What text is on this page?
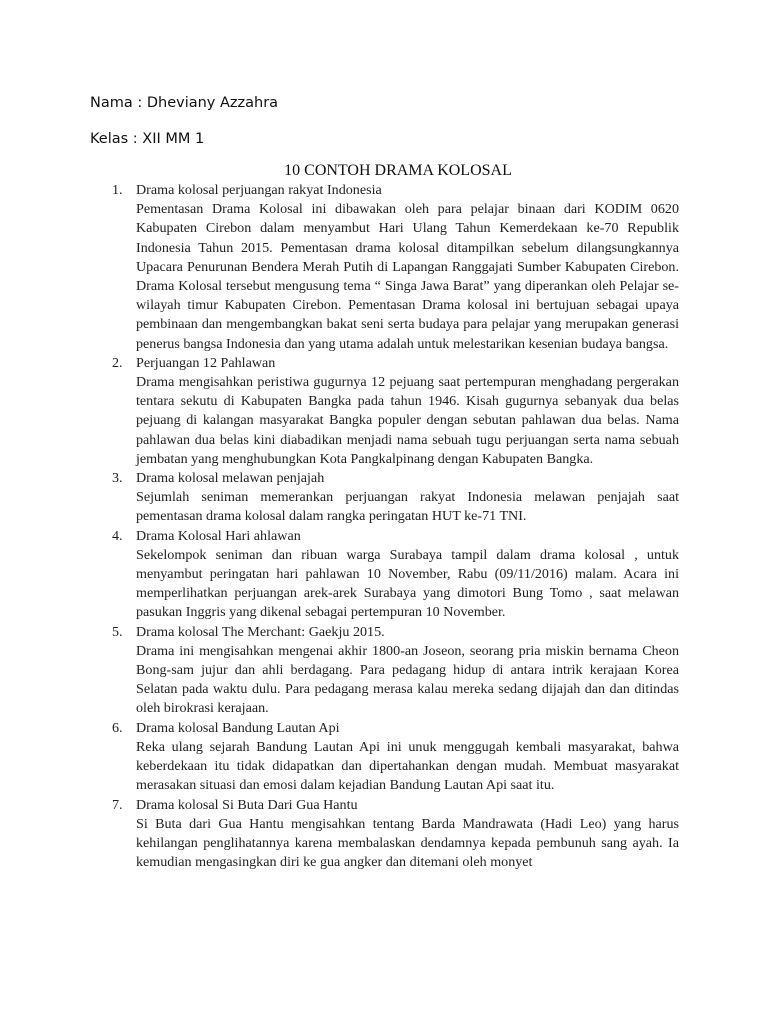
Nama : Dheviany Azzahra
Kelas : XII MM 1
10 CONTOH DRAMA KOLOSAL
1. Drama kolosal perjuangan rakyat Indonesia
Pementasan Drama Kolosal ini dibawakan oleh para pelajar binaan dari KODIM 0620 Kabupaten Cirebon dalam menyambut Hari Ulang Tahun Kemerdekaan ke-70 Republik Indonesia Tahun 2015. Pementasan drama kolosal ditampilkan sebelum dilangsungkannya Upacara Penurunan Bendera Merah Putih di Lapangan Ranggajati Sumber Kabupaten Cirebon. Drama Kolosal tersebut mengusung tema “ Singa Jawa Barat” yang diperankan oleh Pelajar se-wilayah timur Kabupaten Cirebon. Pementasan Drama kolosal ini bertujuan sebagai upaya pembinaan dan mengembangkan bakat seni serta budaya para pelajar yang merupakan generasi penerus bangsa Indonesia dan yang utama adalah untuk melestarikan kesenian budaya bangsa.
2. Perjuangan 12 Pahlawan
Drama mengisahkan peristiwa gugurnya 12 pejuang saat pertempuran menghadang pergerakan tentara sekutu di Kabupaten Bangka pada tahun 1946. Kisah gugurnya sebanyak dua belas pejuang di kalangan masyarakat Bangka populer dengan sebutan pahlawan dua belas. Nama pahlawan dua belas kini diabadikan menjadi nama sebuah tugu perjuangan serta nama sebuah jembatan yang menghubungkan Kota Pangkalpinang dengan Kabupaten Bangka.
3. Drama kolosal melawan penjajah
Sejumlah seniman memerankan perjuangan rakyat Indonesia melawan penjajah saat pementasan drama kolosal dalam rangka peringatan HUT ke-71 TNI.
4. Drama Kolosal Hari ahlawan
Sekelompok seniman dan ribuan warga Surabaya tampil dalam drama kolosal , untuk menyambut peringatan hari pahlawan 10 November, Rabu (09/11/2016) malam. Acara ini memperlihatkan perjuangan arek-arek Surabaya yang dimotori Bung Tomo , saat melawan pasukan Inggris yang dikenal sebagai pertempuran 10 November.
5. Drama kolosal The Merchant: Gaekju 2015.
Drama ini mengisahkan mengenai akhir 1800-an Joseon, seorang pria miskin bernama Cheon Bong-sam jujur dan ahli berdagang. Para pedagang hidup di antara intrik kerajaan Korea Selatan pada waktu dulu. Para pedagang merasa kalau mereka sedang dijajah dan dan ditindas oleh birokrasi kerajaan.
6. Drama kolosal Bandung Lautan Api
Reka ulang sejarah Bandung Lautan Api ini unuk menggugah kembali masyarakat, bahwa keberdekaan itu tidak didapatkan dan dipertahankan dengan mudah. Membuat masyarakat merasakan situasi dan emosi dalam kejadian Bandung Lautan Api saat itu.
7. Drama kolosal Si Buta Dari Gua Hantu
Si Buta dari Gua Hantu mengisahkan tentang Barda Mandrawata (Hadi Leo) yang harus kehilangan penglihatannya karena membalaskan dendamnya kepada pembunuh sang ayah. Ia kemudian mengasingkan diri ke gua angker dan ditemani oleh monyet
